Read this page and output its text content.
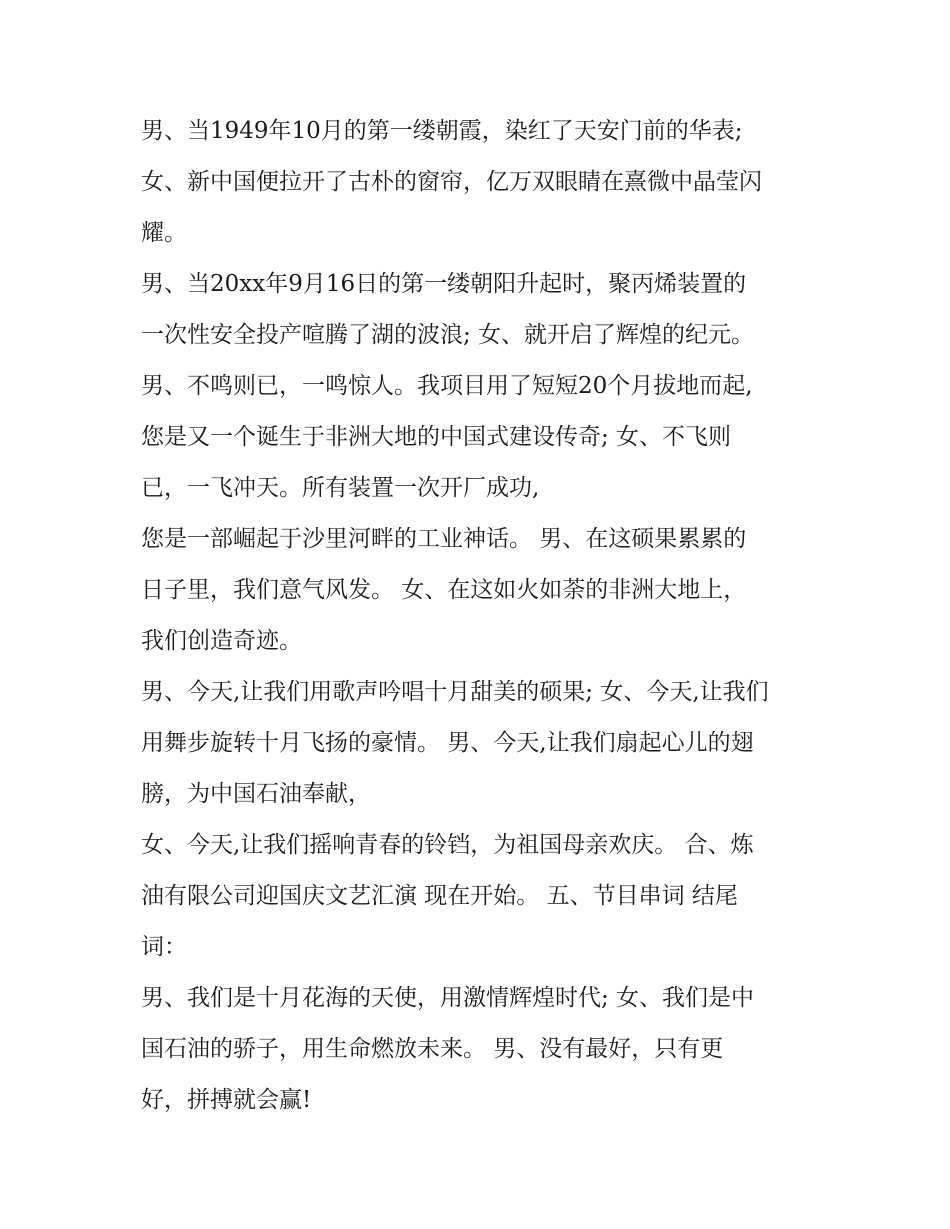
男、当1949年10月的第一缕朝霞，染红了天安门前的华表;
女、新中国便拉开了古朴的窗帘，亿万双眼睛在熹微中晶莹闪
耀。
男、当20xx年9月16日的第一缕朝阳升起时，聚丙烯装置的
一次性安全投产喧腾了湖的波浪; 女、就开启了辉煌的纪元。
男、不鸣则已，一鸣惊人。我项目用了短短20个月拔地而起,
您是又一个诞生于非洲大地的中国式建设传奇; 女、不飞则
已，一飞冲天。所有装置一次开厂成功,
您是一部崛起于沙里河畔的工业神话。 男、在这硕果累累的
日子里，我们意气风发。 女、在这如火如荼的非洲大地上，
我们创造奇迹。
男、今天,让我们用歌声吟唱十月甜美的硕果; 女、今天,让我们
用舞步旋转十月飞扬的豪情。 男、今天,让我们扇起心儿的翅
膀，为中国石油奉献，
女、今天,让我们摇响青春的铃铛，为祖国母亲欢庆。 合、炼
油有限公司迎国庆文艺汇演 现在开始。 五、节目串词 结尾
词：
男、我们是十月花海的天使，用激情辉煌时代; 女、我们是中
国石油的骄子，用生命燃放未来。 男、没有最好，只有更
好，拼搏就会赢!
